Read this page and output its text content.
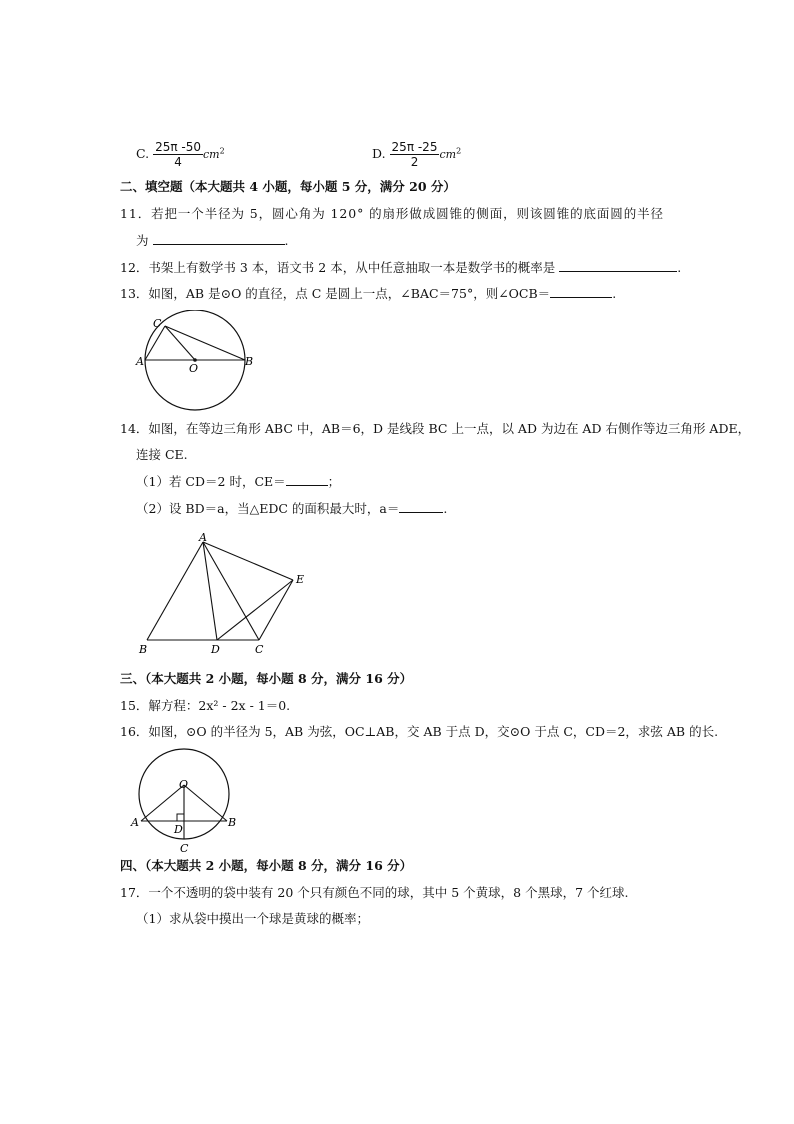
C. $\frac{25\pi -50}{4} cm^2$	D. $\frac{25\pi -25}{2} cm^2$
二、填空题（本大题共 4 小题，每小题 5 分，满分 20 分）
11．若把一个半径为 5，圆心角为 120° 的扇形做成圆锥的侧面，则该圆锥的底面圆的半径
为	.
12．书架上有数学书 3 本，语文书 2 本，从中任意抽取一本是数学书的概率是	.
13．如图，AB 是⊙O 的直径，点 C 是圆上一点，∠BAC＝75°，则∠OCB＝	.
C
A
O
B
14．如图，在等边三角形 ABC 中，AB＝6，D 是线段 BC 上一点，以 AD 为边在 AD 右侧作等边三角形 ADE，
连接 CE.
（1）若 CD＝2 时，CE＝	；
（2）设 BD＝a，当△EDC 的面积最大时，a＝	.
A
E
B	D	C
三、（本大题共 2 小题，每小题 8 分，满分 16 分）
15．解方程：2x² - 2x - 1＝0.
16．如图，⊙O 的半径为 5，AB 为弦，OC⊥AB，交 AB 于点 D，交⊙O 于点 C，CD＝2，求弦 AB 的长.
O
A
D
B
C
四、（本大题共 2 小题，每小题 8 分，满分 16 分）
17．一个不透明的袋中装有 20 个只有颜色不同的球，其中 5 个黄球，8 个黑球，7 个红球.
（1）求从袋中摸出一个球是黄球的概率；
